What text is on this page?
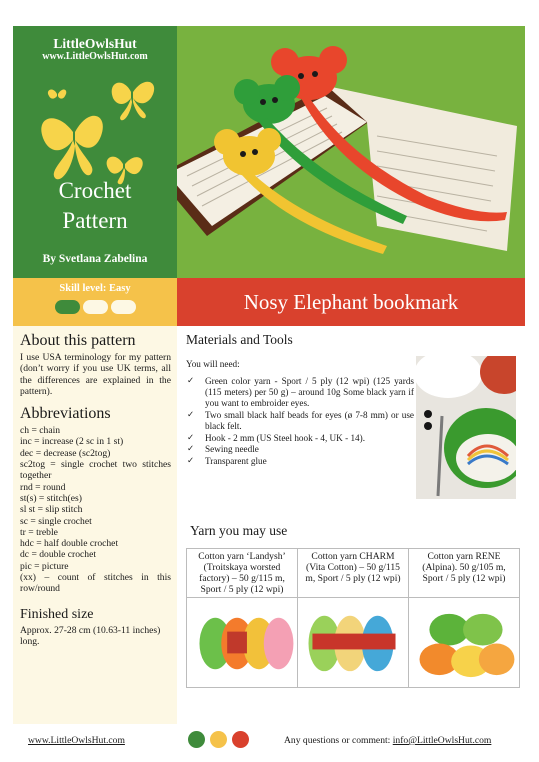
LittleOwlsHut
www.LittleOwlsHut.com
Crochet
Pattern
By Svetlana Zabelina
Skill level: Easy
Nosy Elephant bookmark
About this pattern

I use USA terminology for my pattern (don’t worry if you use UK terms, all the differences are explained in the pattern).

Abbreviations
ch = chain
inc = increase (2 sc in 1 st)
dec = decrease (sc2tog)
sc2tog = single crochet two stitches together
rnd = round
st(s) = stitch(es)
sl st = slip stitch
sc = single crochet
tr = treble
hdc = half double crochet
dc = double crochet
pic = picture
(xx) – count of stitches in this row/round
Finished size

Approx. 27-28 cm (10.63-11 inches) long.

Materials and Tools
You will need:
✓ Green color yarn - Sport / 5 ply (12 wpi) (125 yards (115 meters) per 50 g) – around 10g Some black yarn if you want to embroider eyes.
✓ Two small black half beads for eyes (ø 7-8 mm) or use black felt.
✓ Hook - 2 mm (US Steel hook - 4, UK - 14).
✓ Sewing needle
✓ Transparent glue
Yarn you may use
Cotton yarn ‘Landysh’ (Troitskaya worsted factory) – 50 g/115 m, Sport / 5 ply (12 wpi)	Cotton yarn CHARM (Vita Cotton) – 50 g/115 m, Sport / 5 ply (12 wpi)	Cotton yarn RENE (Alpina). 50 g/105 m, Sport / 5 ply (12 wpi)

www.LittleOwlsHut.com	Any questions or comment: info@LittleOwlsHut.com
